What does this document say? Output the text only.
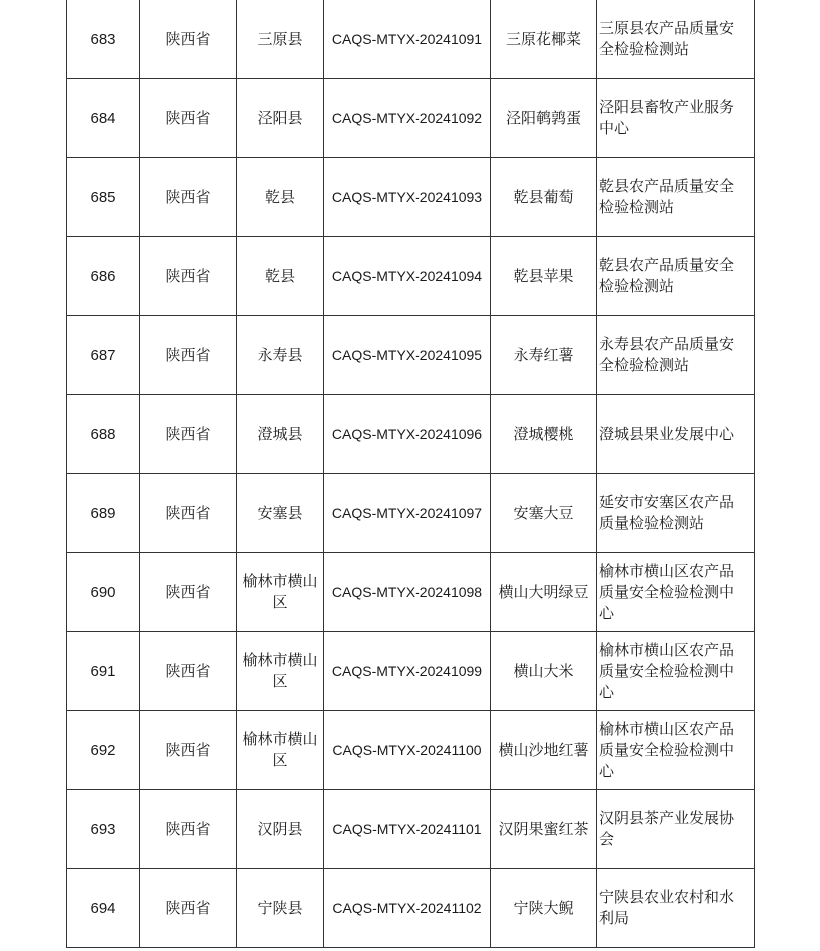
683	陕西省	三原县	CAQS-MTYX-20241091	三原花椰菜	三原县农产品质量安全检验检测站
684	陕西省	泾阳县	CAQS-MTYX-20241092	泾阳鹌鹑蛋	泾阳县畜牧产业服务中心
685	陕西省	乾县	CAQS-MTYX-20241093	乾县葡萄	乾县农产品质量安全检验检测站
686	陕西省	乾县	CAQS-MTYX-20241094	乾县苹果	乾县农产品质量安全检验检测站
687	陕西省	永寿县	CAQS-MTYX-20241095	永寿红薯	永寿县农产品质量安全检验检测站
688	陕西省	澄城县	CAQS-MTYX-20241096	澄城樱桃	澄城县果业发展中心
689	陕西省	安塞县	CAQS-MTYX-20241097	安塞大豆	延安市安塞区农产品质量检验检测站
690	陕西省	榆林市横山区	CAQS-MTYX-20241098	横山大明绿豆	榆林市横山区农产品质量安全检验检测中心
691	陕西省	榆林市横山区	CAQS-MTYX-20241099	横山大米	榆林市横山区农产品质量安全检验检测中心
692	陕西省	榆林市横山区	CAQS-MTYX-20241100	横山沙地红薯	榆林市横山区农产品质量安全检验检测中心
693	陕西省	汉阴县	CAQS-MTYX-20241101	汉阴果蜜红茶	汉阴县茶产业发展协会
694	陕西省	宁陕县	CAQS-MTYX-20241102	宁陕大鲵	宁陕县农业农村和水利局
